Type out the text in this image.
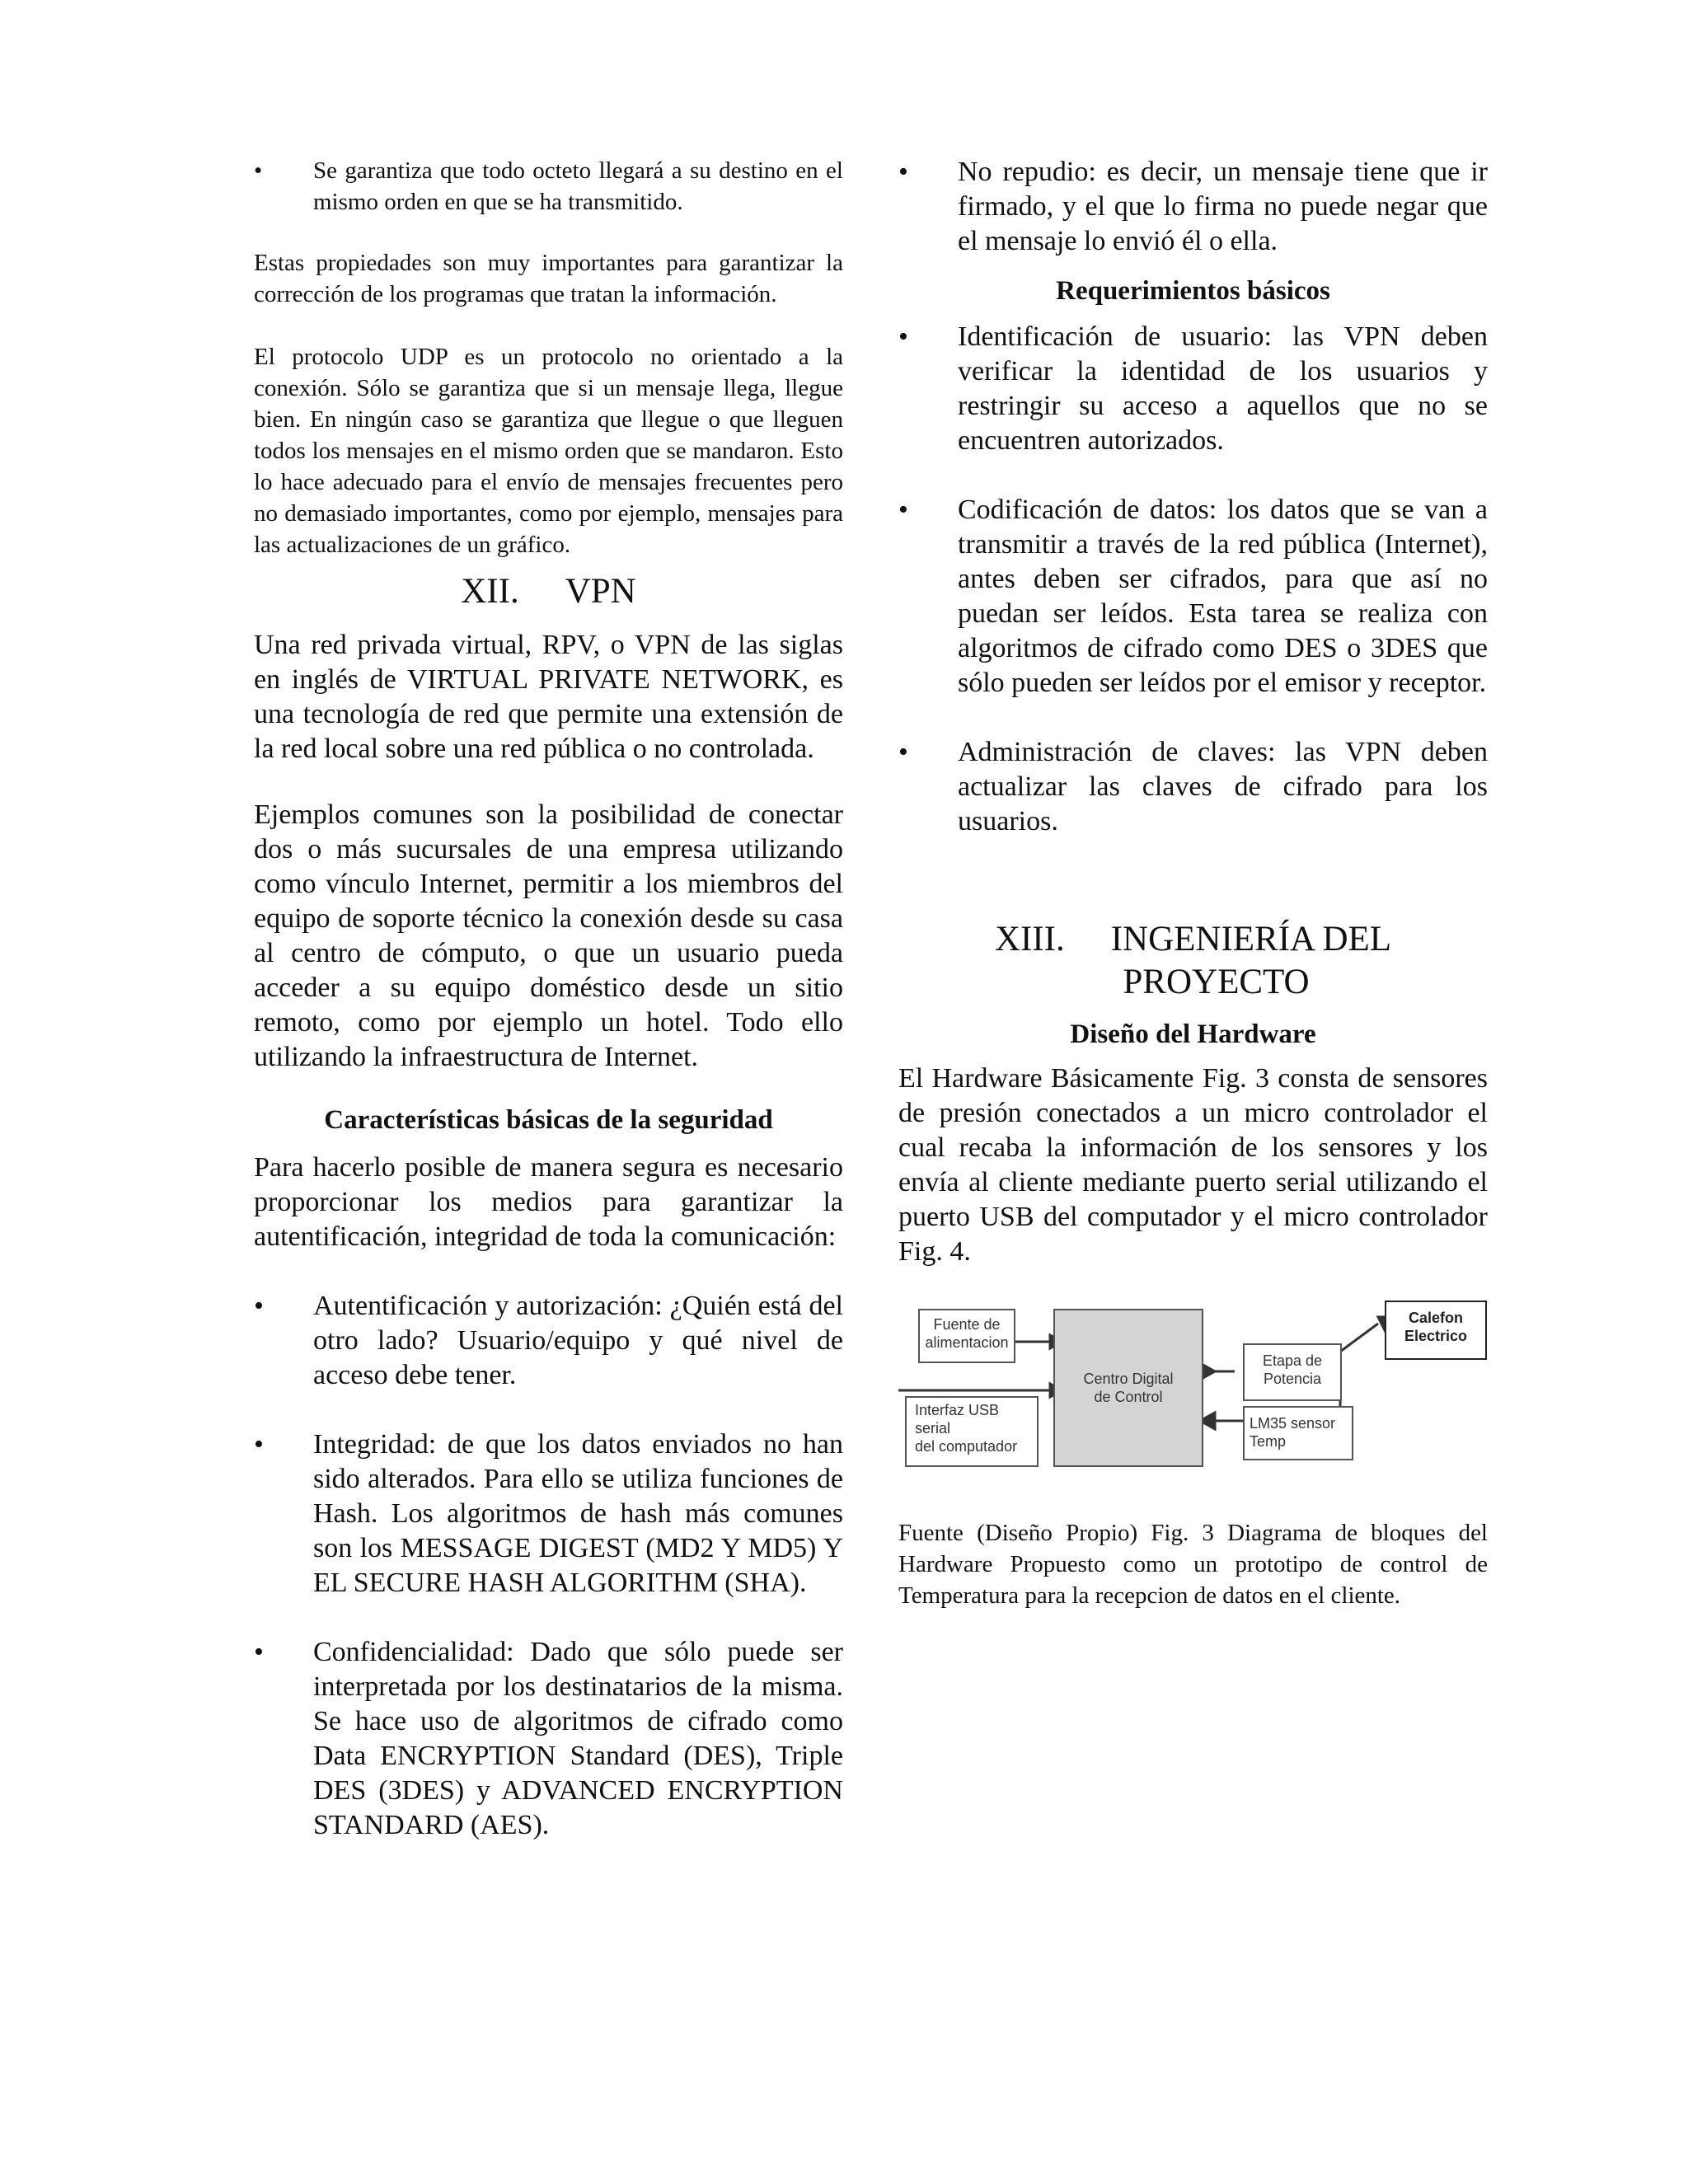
• Se garantiza que todo octeto llegará a su destino en el mismo orden en que se ha transmitido.

Estas propiedades son muy importantes para garantizar la corrección de los programas que tratan la información.

El protocolo UDP es un protocolo no orientado a la conexión. Sólo se garantiza que si un mensaje llega, llegue bien. En ningún caso se garantiza que llegue o que lleguen todos los mensajes en el mismo orden que se mandaron. Esto lo hace adecuado para el envío de mensajes frecuentes pero no demasiado importantes, como por ejemplo, mensajes para las actualizaciones de un gráfico.

XII. VPN

Una red privada virtual, RPV, o VPN de las siglas en inglés de VIRTUAL PRIVATE NETWORK, es una tecnología de red que permite una extensión de la red local sobre una red pública o no controlada.

Ejemplos comunes son la posibilidad de conectar dos o más sucursales de una empresa utilizando como vínculo Internet, permitir a los miembros del equipo de soporte técnico la conexión desde su casa al centro de cómputo, o que un usuario pueda acceder a su equipo doméstico desde un sitio remoto, como por ejemplo un hotel. Todo ello utilizando la infraestructura de Internet.

Características básicas de la seguridad

Para hacerlo posible de manera segura es necesario proporcionar los medios para garantizar la autentificación, integridad de toda la comunicación:

• Autentificación y autorización: ¿Quién está del otro lado? Usuario/equipo y qué nivel de acceso debe tener.

• Integridad: de que los datos enviados no han sido alterados. Para ello se utiliza funciones de Hash. Los algoritmos de hash más comunes son los MESSAGE DIGEST (MD2 Y MD5) Y EL SECURE HASH ALGORITHM (SHA).

• Confidencialidad: Dado que sólo puede ser interpretada por los destinatarios de la misma. Se hace uso de algoritmos de cifrado como Data ENCRYPTION Standard (DES), Triple DES (3DES) y ADVANCED ENCRYPTION STANDARD (AES).

• No repudio: es decir, un mensaje tiene que ir firmado, y el que lo firma no puede negar que el mensaje lo envió él o ella.

Requerimientos básicos
• Identificación de usuario: las VPN deben verificar la identidad de los usuarios y restringir su acceso a aquellos que no se encuentren autorizados.

• Codificación de datos: los datos que se van a transmitir a través de la red pública (Internet), antes deben ser cifrados, para que así no puedan ser leídos. Esta tarea se realiza con algoritmos de cifrado como DES o 3DES que sólo pueden ser leídos por el emisor y receptor.

• Administración de claves: las VPN deben actualizar las claves de cifrado para los usuarios.

XIII. INGENIERÍA DEL
PROYECTO
Diseño del Hardware

El Hardware Básicamente Fig. 3 consta de sensores de presión conectados a un micro controlador el cual recaba la información de los sensores y los envía al cliente mediante puerto serial utilizando el puerto USB del computador y el micro controlador Fig. 4.

Fuente de
alimentacion
Centro Digital
de Control
Interfaz USB
serial
del computador
Etapa de
Potencia
LM35 sensor
Temp
Calefon
Electrico

Fuente (Diseño Propio) Fig. 3 Diagrama de bloques del Hardware Propuesto como un prototipo de control de Temperatura para la recepcion de datos en el cliente.
